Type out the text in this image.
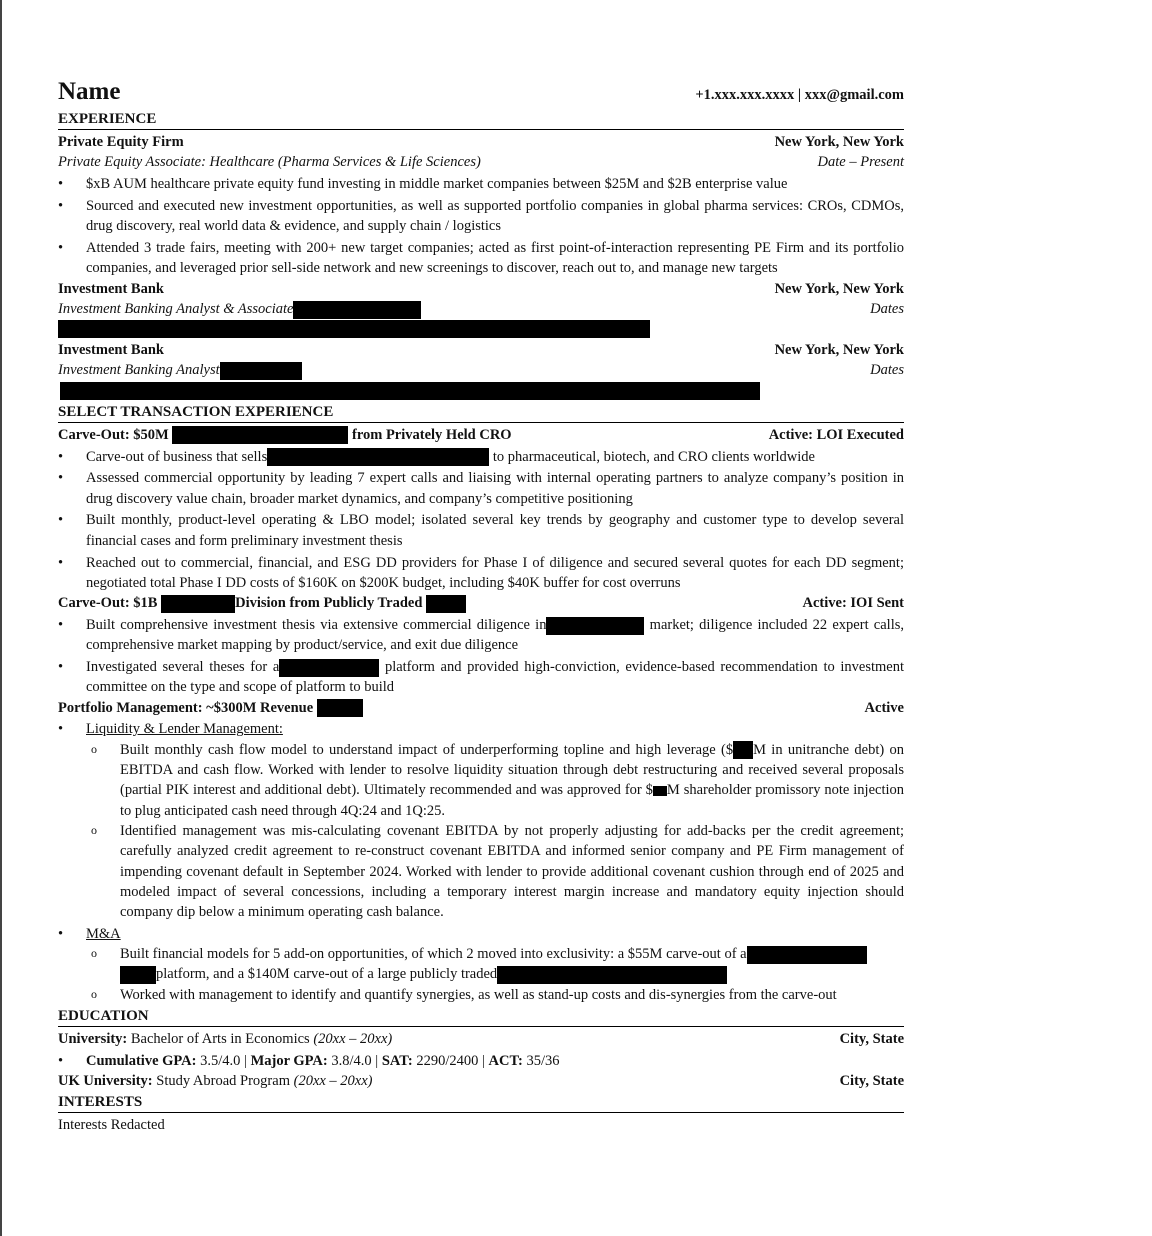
Name	+1.xxx.xxx.xxxx | xxx@gmail.com
EXPERIENCE
Private Equity Firm	New York, New York
Private Equity Associate: Healthcare (Pharma Services & Life Sciences)	Date – Present
• $xB AUM healthcare private equity fund investing in middle market companies between $25M and $2B enterprise value
• Sourced and executed new investment opportunities, as well as supported portfolio companies in global pharma services: CROs, CDMOs, drug discovery, real world data & evidence, and supply chain / logistics
• Attended 3 trade fairs, meeting with 200+ new target companies; acted as first point-of-interaction representing PE Firm and its portfolio companies, and leveraged prior sell-side network and new screenings to discover, reach out to, and manage new targets
Investment Bank	New York, New York
Investment Banking Analyst & Associate	Dates
Investment Bank	New York, New York
Investment Banking Analyst	Dates
SELECT TRANSACTION EXPERIENCE
Carve-Out: $50M	from Privately Held CRO	Active: LOI Executed
• Carve-out of business that sells	to pharmaceutical, biotech, and CRO clients worldwide
• Assessed commercial opportunity by leading 7 expert calls and liaising with internal operating partners to analyze company’s position in drug discovery value chain, broader market dynamics, and company’s competitive positioning
• Built monthly, product-level operating & LBO model; isolated several key trends by geography and customer type to develop several financial cases and form preliminary investment thesis
• Reached out to commercial, financial, and ESG DD providers for Phase I of diligence and secured several quotes for each DD segment; negotiated total Phase I DD costs of $160K on $200K budget, including $40K buffer for cost overruns
Carve-Out: $1B	Division from Publicly Traded	Active: IOI Sent
• Built comprehensive investment thesis via extensive commercial diligence in	market; diligence included 22 expert calls, comprehensive market mapping by product/service, and exit due diligence
• Investigated several theses for a	platform and provided high-conviction, evidence-based recommendation to investment committee on the type and scope of platform to build
Portfolio Management: ~$300M Revenue	Active
• Liquidity & Lender Management:
o Built monthly cash flow model to understand impact of underperforming topline and high leverage ($ M in unitranche debt) on EBITDA and cash flow. Worked with lender to resolve liquidity situation through debt restructuring and received several proposals (partial PIK interest and additional debt). Ultimately recommended and was approved for $ M shareholder promissory note injection to plug anticipated cash need through 4Q:24 and 1Q:25.
o Identified management was mis-calculating covenant EBITDA by not properly adjusting for add-backs per the credit agreement; carefully analyzed credit agreement to re-construct covenant EBITDA and informed senior company and PE Firm management of impending covenant default in September 2024. Worked with lender to provide additional covenant cushion through end of 2025 and modeled impact of several concessions, including a temporary interest margin increase and mandatory equity injection should company dip below a minimum operating cash balance.
• M&A
o Built financial models for 5 add-on opportunities, of which 2 moved into exclusivity: a $55M carve-out of a platform, and a $140M carve-out of a large publicly traded
o Worked with management to identify and quantify synergies, as well as stand-up costs and dis-synergies from the carve-out
EDUCATION
University: Bachelor of Arts in Economics (20xx – 20xx)	City, State
• Cumulative GPA: 3.5/4.0 | Major GPA: 3.8/4.0 | SAT: 2290/2400 | ACT: 35/36
UK University: Study Abroad Program (20xx – 20xx)	City, State
INTERESTS
Interests Redacted
